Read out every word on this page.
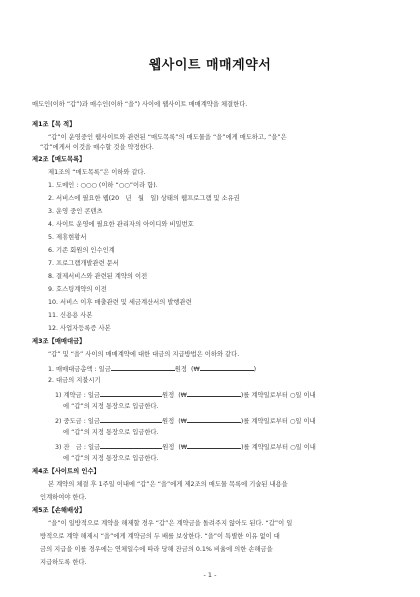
웹사이트 매매계약서
매도인(이하 “갑”)과 매수인(이하 “을”) 사이에 웹사이트 매매계약을 체결한다.
제1조【목 적】
“갑”이 운영중인 웹사이트와 관련된 “매도목록”의 매도물을 “을”에게 매도하고, “을”은
“갑”에게서 이것을 매수할 것을 약정한다.
제2조【매도목록】
제1조의 “매도목록”은 이하와 같다.
1. 도메인 : ○○○ (이하 “○○”이라 함).
2. 서비스에 필요한 웹(20　년　월　일) 상태의 웹프로그램 및 소유권
3. 운영 중인 콘텐츠
4. 사이트 운영에 필요한 관리자의 아이디와 비밀번호
5. 제휴현황서
6. 기존 회원의 인수인계
7. 프로그램개발관련 문서
8. 결제서비스와 관련된 계약의 이전
9. 호스팅계약의 이전
10. 서비스 이후 매출관련 및 세금계산서의 발행관련
11. 신용용 사본
12. 사업자등록증 사본
제3조【매매대금】
“갑” 및 “을” 사이의 매매계약에 대한 대금의 지급방법은 이하와 같다.
1. 매매대금총액 : 일금	원정 (₩	)
2. 대금의 지불시기
1) 계약금 : 일금	원정 (₩	)를 계약일로부터 ○일 이내
에 “갑”의 지정 통장으로 입금한다.
2) 중도금 : 일금	원정 (₩	)를 계약일로부터 ○일 이내
에 “갑”의 지정 통장으로 입금한다.
3) 잔　금 : 일금	원정 (₩	)를 계약일로부터 ○일 이내
에 “갑”의 지정 통장으로 입금한다.
제4조【사이트의 인수】
본 계약의 체결 후 1주일 이내에 “갑”은 “을”에게 제2조의 매도물 목록에 기술된 내용을
인계하여야 한다.
제5조【손해배상】
“을”이 일방적으로 계약을 해제할 경우 “갑”은 계약금을 돌려주지 않아도 된다. “갑”이 일
방적으로 계약 해제시 “을”에게 계약금의 두 배를 보상한다. “을”이 특별한 이유 없이 대
금의 지급을 이를 경우에는 연체일수에 따라 당해 잔금의 0.1% 비율에 의한 손해금을
지급하도록 한다.
- 1 -
